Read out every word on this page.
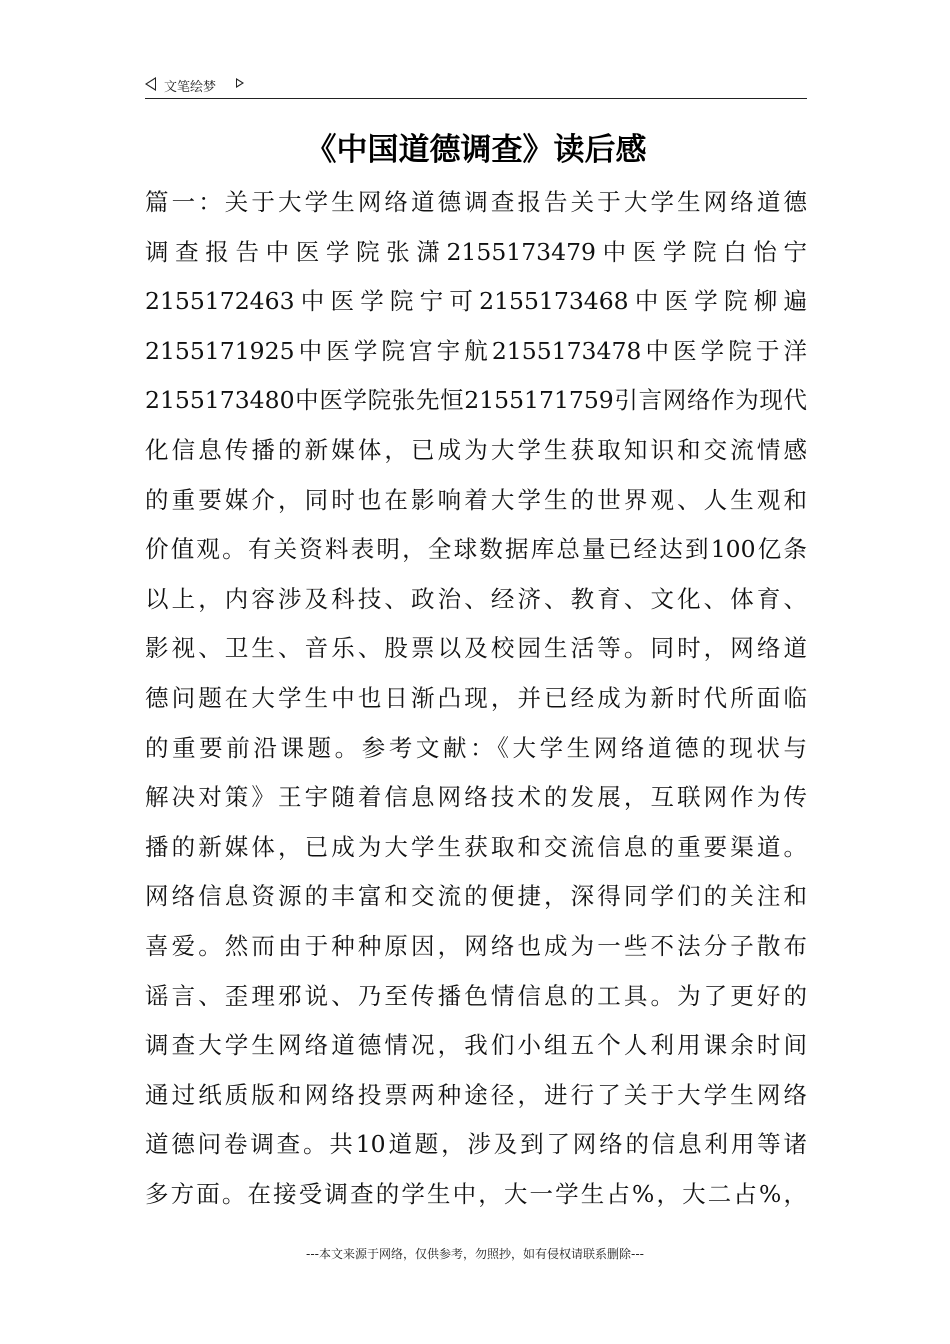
文笔绘梦
《中国道德调查》读后感
篇一：关于大学生网络道德调查报告关于大学生网络道德
调查报告中医学院张潇2155173479中医学院白怡宁
2155172463中医学院宁可2155173468中医学院柳遍
2155171925中医学院宫宇航2155173478中医学院于洋
2155173480中医学院张先恒2155171759引言网络作为现代
化信息传播的新媒体，已成为大学生获取知识和交流情感
的重要媒介，同时也在影响着大学生的世界观、人生观和
价值观。有关资料表明，全球数据库总量已经达到100亿条
以上，内容涉及科技、政治、经济、教育、文化、体育、
影视、卫生、音乐、股票以及校园生活等。同时，网络道
德问题在大学生中也日渐凸现，并已经成为新时代所面临
的重要前沿课题。参考文献：《大学生网络道德的现状与
解决对策》王宇随着信息网络技术的发展，互联网作为传
播的新媒体，已成为大学生获取和交流信息的重要渠道。
网络信息资源的丰富和交流的便捷，深得同学们的关注和
喜爱。然而由于种种原因，网络也成为一些不法分子散布
谣言、歪理邪说、乃至传播色情信息的工具。为了更好的
调查大学生网络道德情况，我们小组五个人利用课余时间
通过纸质版和网络投票两种途径，进行了关于大学生网络
道德问卷调查。共10道题，涉及到了网络的信息利用等诸
多方面。在接受调查的学生中，大一学生占%，大二占%，
---本文来源于网络，仅供参考，勿照抄，如有侵权请联系删除---
